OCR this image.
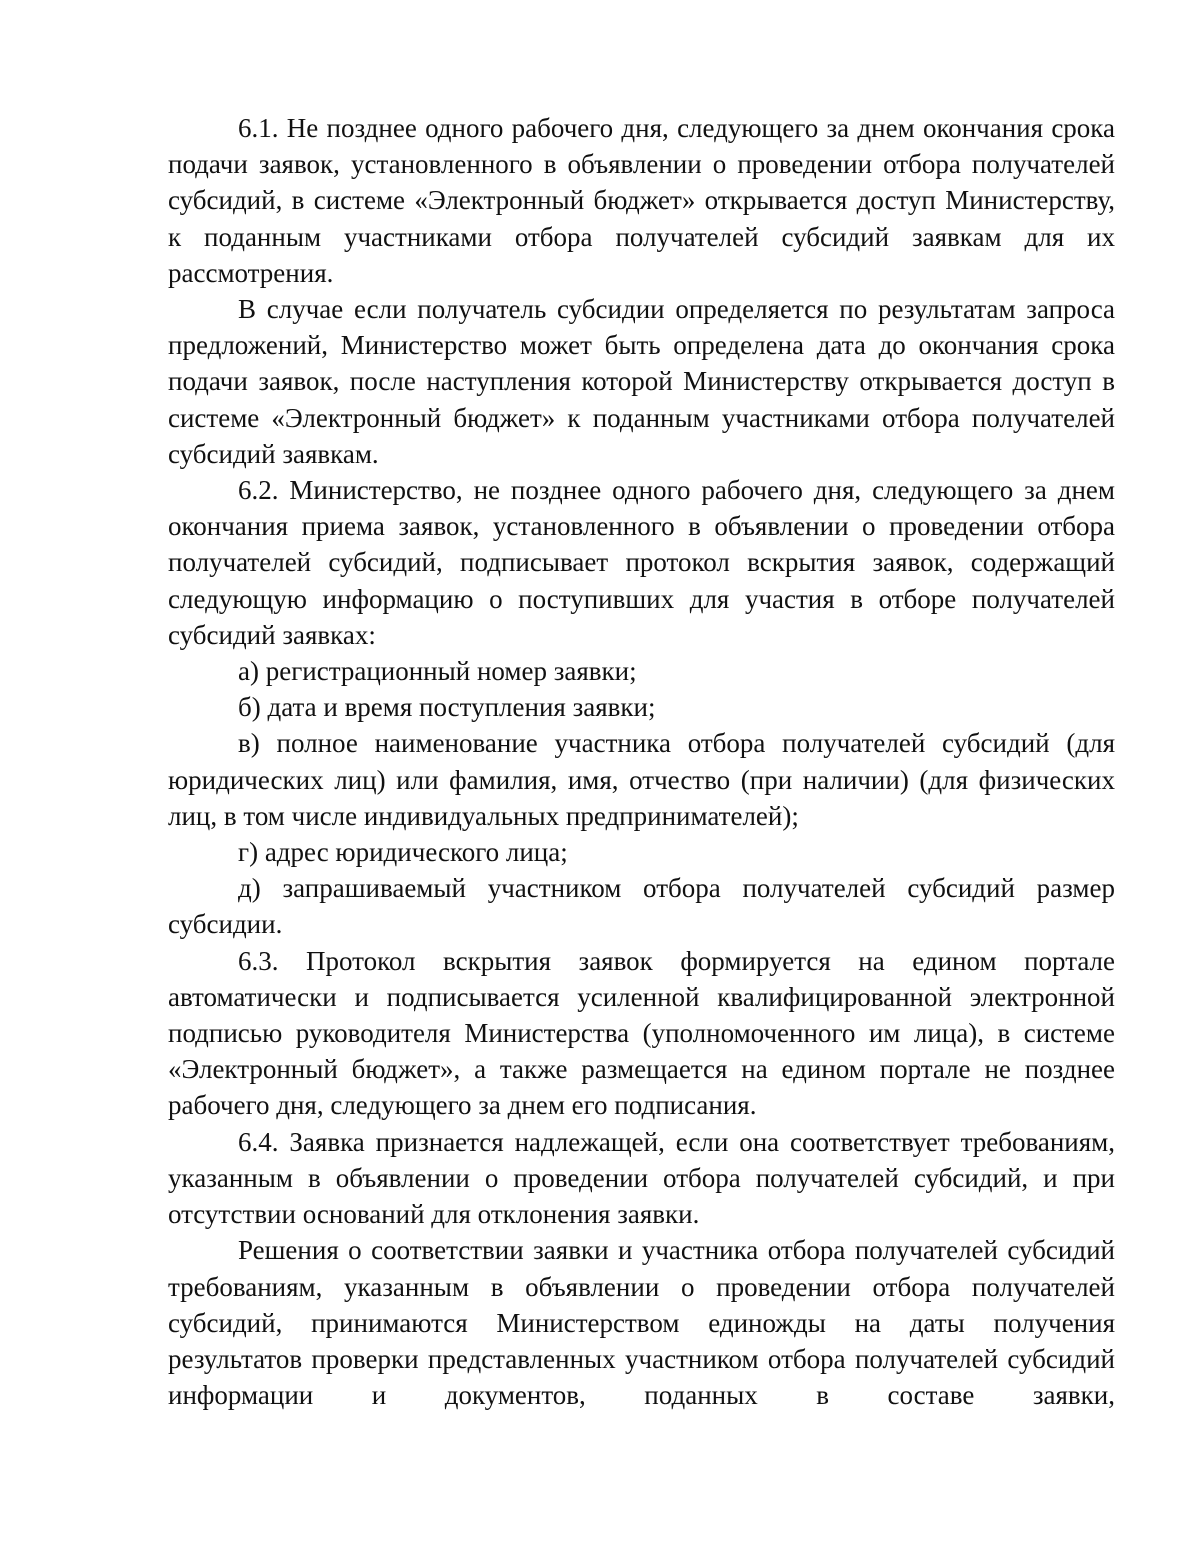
6.1. Не позднее одного рабочего дня, следующего за днем окончания срока подачи заявок, установленного в объявлении о проведении отбора получателей субсидий, в системе «Электронный бюджет» открывается доступ Министерству, к поданным участниками отбора получателей субсидий заявкам для их рассмотрения.

В случае если получатель субсидии определяется по результатам запроса предложений, Министерство может быть определена дата до окончания срока подачи заявок, после наступления которой Министерству открывается доступ в системе «Электронный бюджет» к поданным участниками отбора получателей субсидий заявкам.

6.2. Министерство, не позднее одного рабочего дня, следующего за днем окончания приема заявок, установленного в объявлении о проведении отбора получателей субсидий, подписывает протокол вскрытия заявок, содержащий следующую информацию о поступивших для участия в отборе получателей субсидий заявках:

а) регистрационный номер заявки;

б) дата и время поступления заявки;

в) полное наименование участника отбора получателей субсидий (для юридических лиц) или фамилия, имя, отчество (при наличии) (для физических лиц, в том числе индивидуальных предпринимателей);

г) адрес юридического лица;

д) запрашиваемый участником отбора получателей субсидий размер субсидии.

6.3. Протокол вскрытия заявок формируется на едином портале автоматически и подписывается усиленной квалифицированной электронной подписью руководителя Министерства (уполномоченного им лица), в системе «Электронный бюджет», а также размещается на едином портале не позднее рабочего дня, следующего за днем его подписания.

6.4. Заявка признается надлежащей, если она соответствует требованиям, указанным в объявлении о проведении отбора получателей субсидий, и при отсутствии оснований для отклонения заявки.

Решения о соответствии заявки и участника отбора получателей субсидий требованиям, указанным в объявлении о проведении отбора получателей субсидий, принимаются Министерством единожды на даты получения результатов проверки представленных участником отбора получателей субсидий информации и документов, поданных в составе заявки,
